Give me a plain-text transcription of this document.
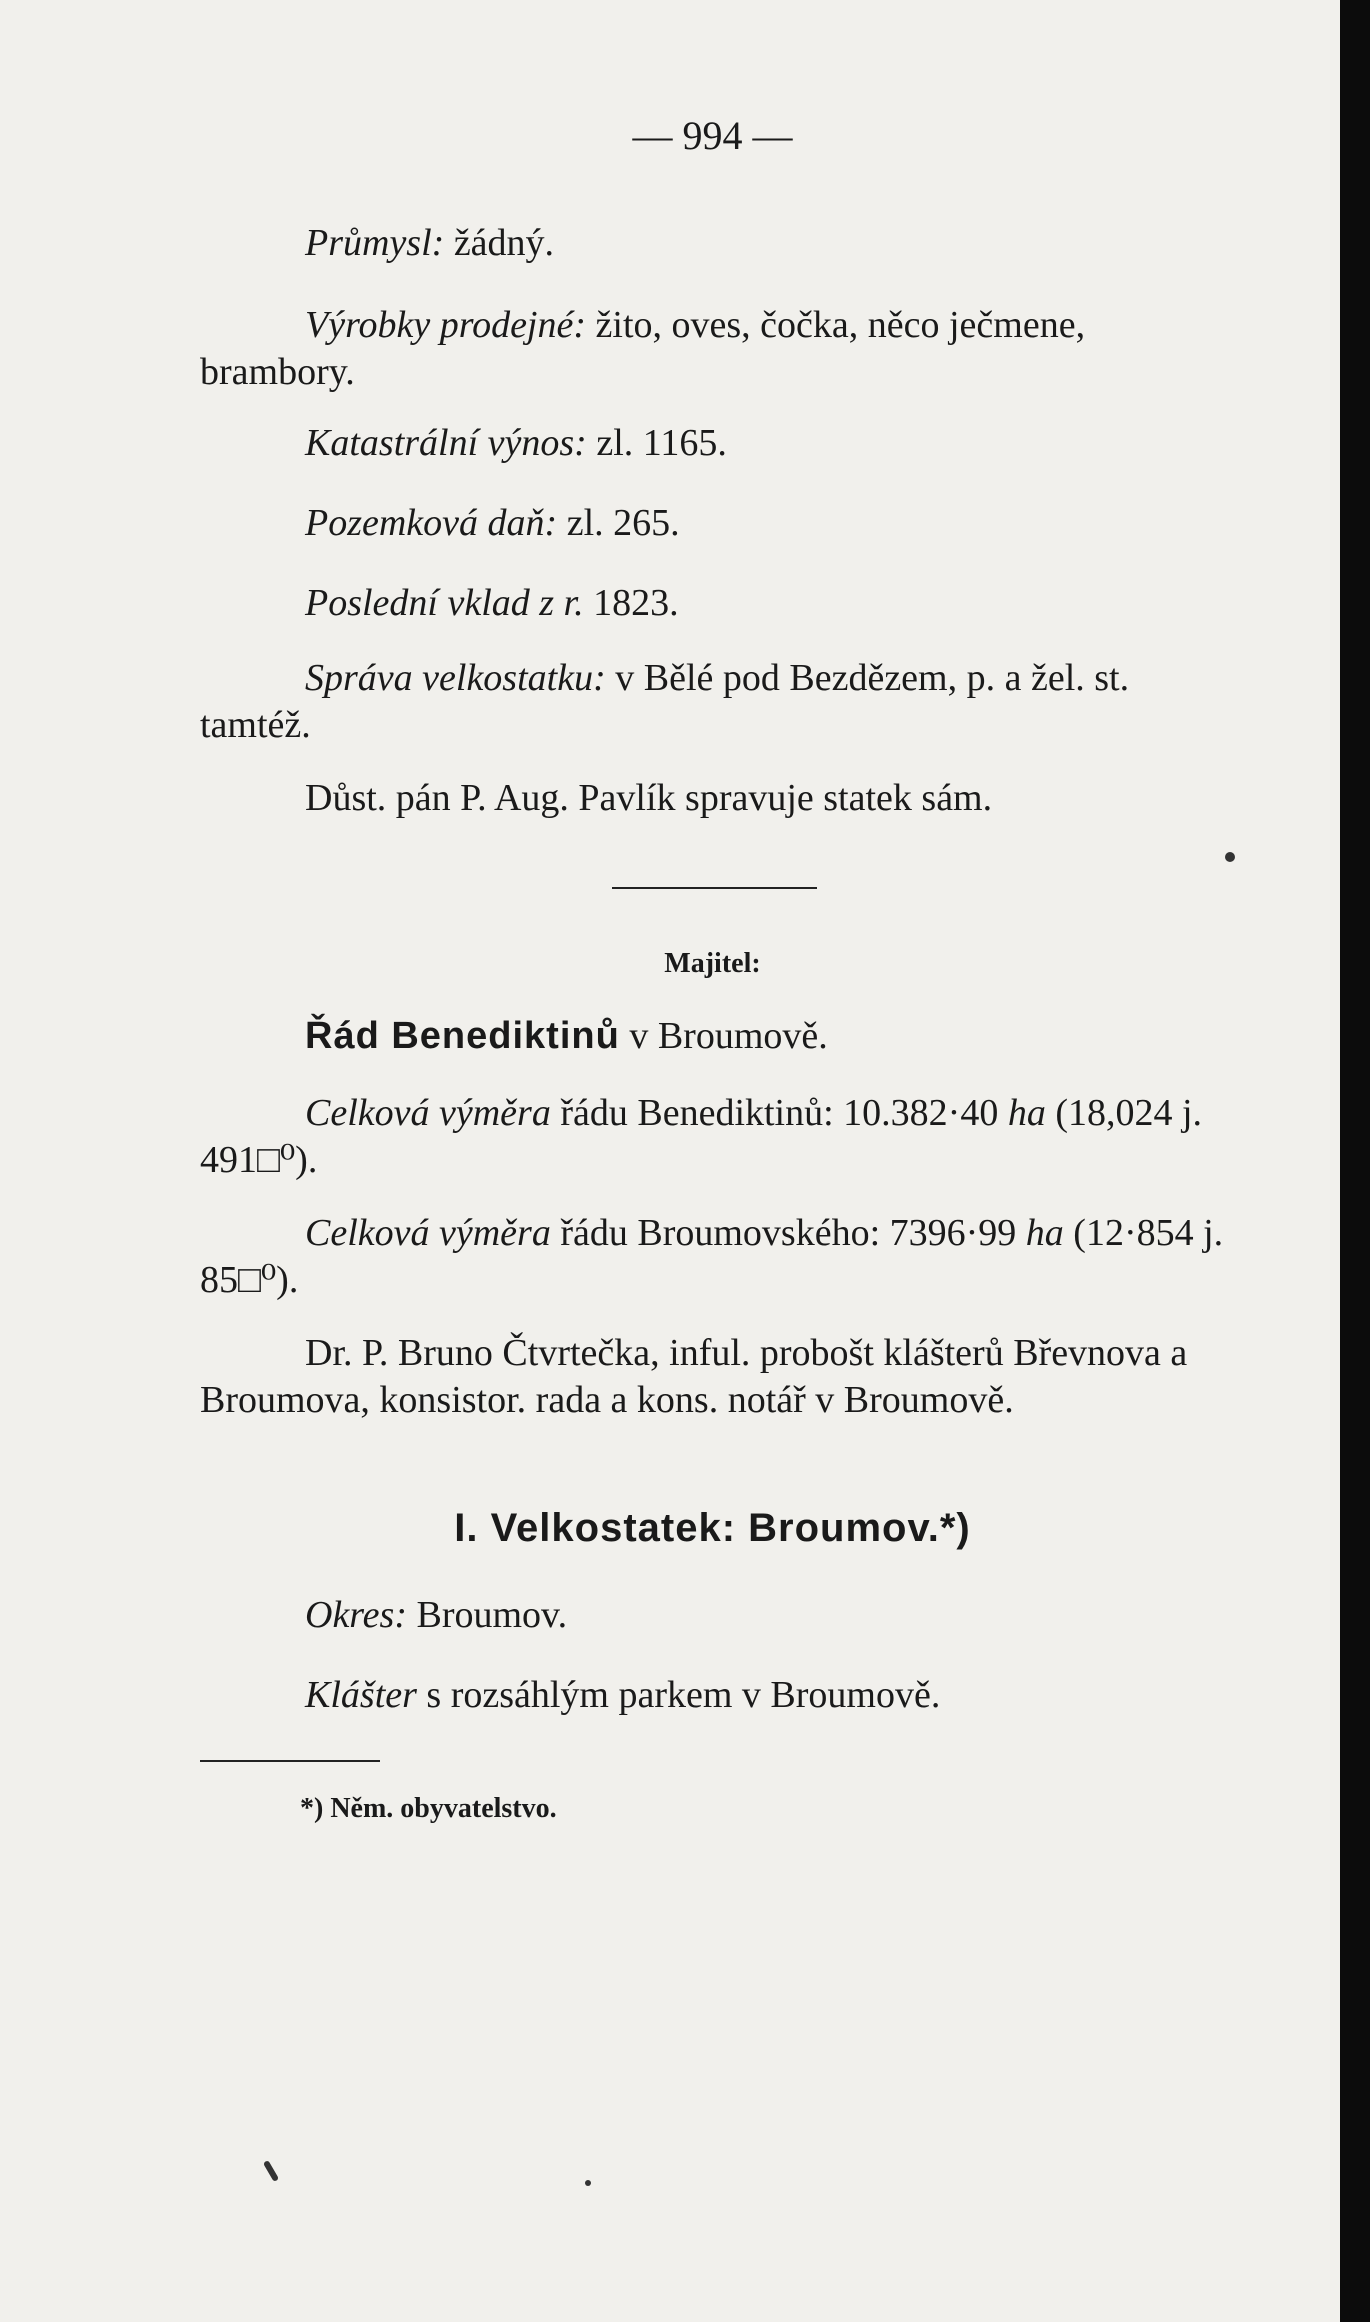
— 994 —
Průmysl: žádný.
Výrobky prodejné: žito, oves, čočka, něco ječmene, brambory.
Katastrální výnos: zl. 1165.
Pozemková daň: zl. 265.
Poslední vklad z r. 1823.
Správa velkostatku: v Bělé pod Bezdězem, p. a žel. st. tamtéž.
Důst. pán P. Aug. Pavlík spravuje statek sám.
Majitel:
Řád Benediktinů v Broumově.
Celková výměra řádu Benediktinů: 10.382·40 ha (18,024 j. 491□⁰).
Celková výměra řádu Broumovského: 7396·99 ha (12·854 j. 85□⁰).
Dr. P. Bruno Čtvrtečka, inful. probošt klášterů Břevnova a Broumova, konsistor. rada a kons. notář v Broumově.
I. Velkostatek: Broumov.*)
Okres: Broumov.
Klášter s rozsáhlým parkem v Broumově.
*) Něm. obyvatelstvo.
